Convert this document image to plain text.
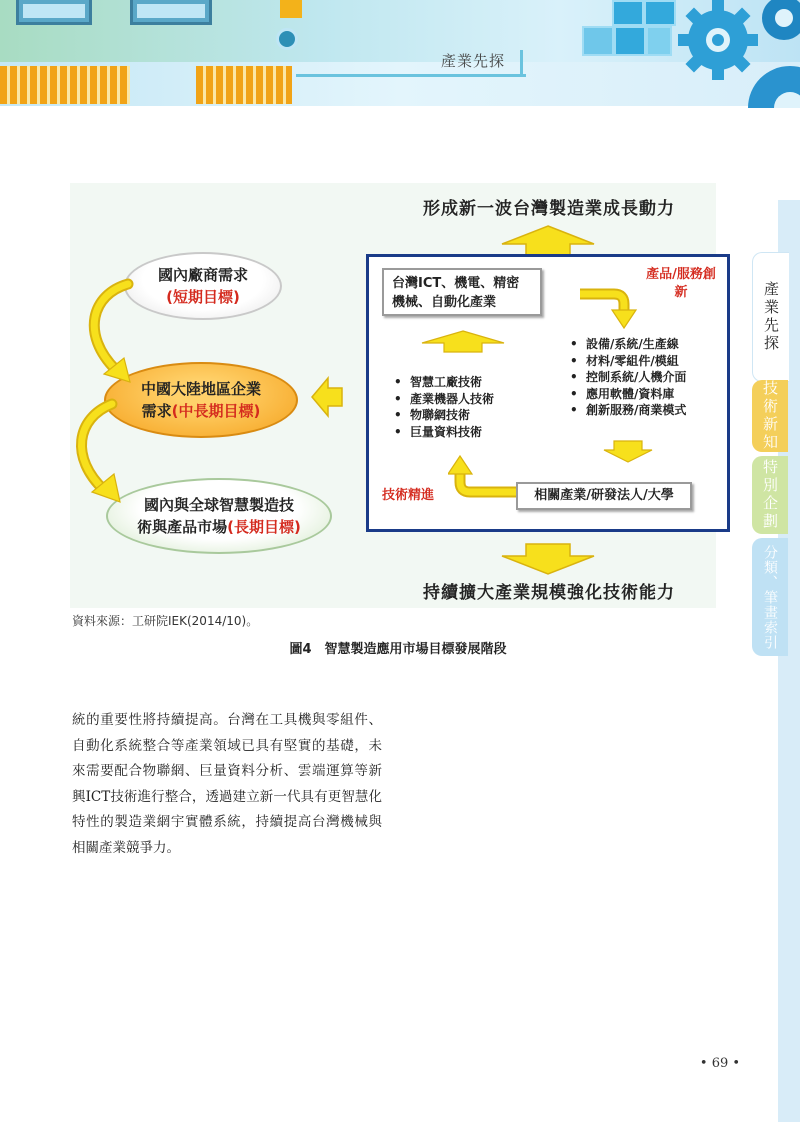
產業先探
產業先探
技術新知
特別企劃
分類、筆畫索引
形成新一波台灣製造業成長動力
持續擴大產業規模強化技術能力
國內廠商需求
(短期目標)
中國大陸地區企業
需求(中長期目標)
國內與全球智慧製造技
術與產品市場(長期目標)
台灣ICT、機電、精密機械、自動化產業
產品/服務創新
• 設備/系統/生產線
• 材料/零組件/模組
• 控制系統/人機介面
• 應用軟體/資料庫
• 創新服務/商業模式
• 智慧工廠技術
• 產業機器人技術
• 物聯網技術
• 巨量資料技術
技術精進	相關產業/研發法人/大學
資料來源：工研院IEK(2014/10)。
圖4　智慧製造應用市場目標發展階段

統的重要性將持續提高。台灣在工具機與零組件、自動化系統整合等產業領域已具有堅實的基礎，未來需要配合物聯網、巨量資料分析、雲端運算等新興ICT技術進行整合，透過建立新一代具有更智慧化特性的製造業網宇實體系統，持續提高台灣機械與相關產業競爭力。

• 69 •
